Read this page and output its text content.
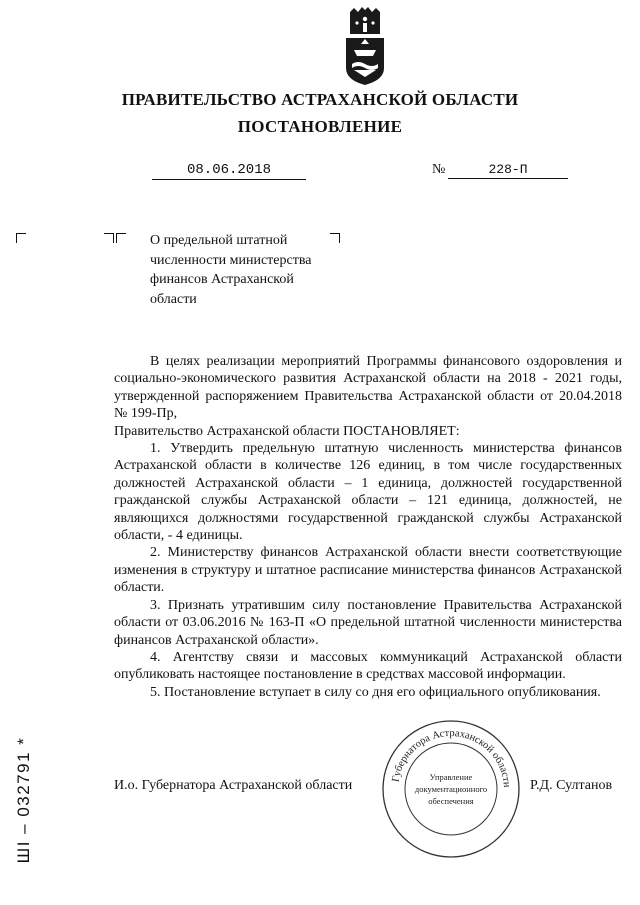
ПРАВИТЕЛЬСТВО АСТРАХАНСКОЙ ОБЛАСТИ
ПОСТАНОВЛЕНИЕ
08.06.2018	№	228-П
О предельной штатной
численности министерства
финансов Астраханской
области

В целях реализации мероприятий Программы финансового оздоровления и социально-экономического развития Астраханской области на 2018 - 2021 годы, утвержденной распоряжением Правительства Астраханской области от 20.04.2018 № 199-Пр,

Правительство Астраханской области ПОСТАНОВЛЯЕТ:

1. Утвердить предельную штатную численность министерства финансов Астраханской области в количестве 126 единиц, в том числе государственных должностей Астраханской области – 1 единица, должностей государственной гражданской службы Астраханской области – 121 единица, должностей, не являющихся должностями государственной гражданской службы Астраханской области, - 4 единицы.

2. Министерству финансов Астраханской области внести соответствующие изменения в структуру и штатное расписание министерства финансов Астраханской области.

3. Признать утратившим силу постановление Правительства Астраханской области от 03.06.2016 № 163-П «О предельной штатной численности министерства финансов Астраханской области».

4. Агентству связи и массовых коммуникаций Астраханской области опубликовать настоящее постановление в средствах массовой информации.

5. Постановление вступает в силу со дня его официального опубликования.

Губернатора Астраханской области
Управление
документационного
обеспечения
И.о. Губернатора Астраханской области	Р.Д. Султанов
ШІ – 032791 *
